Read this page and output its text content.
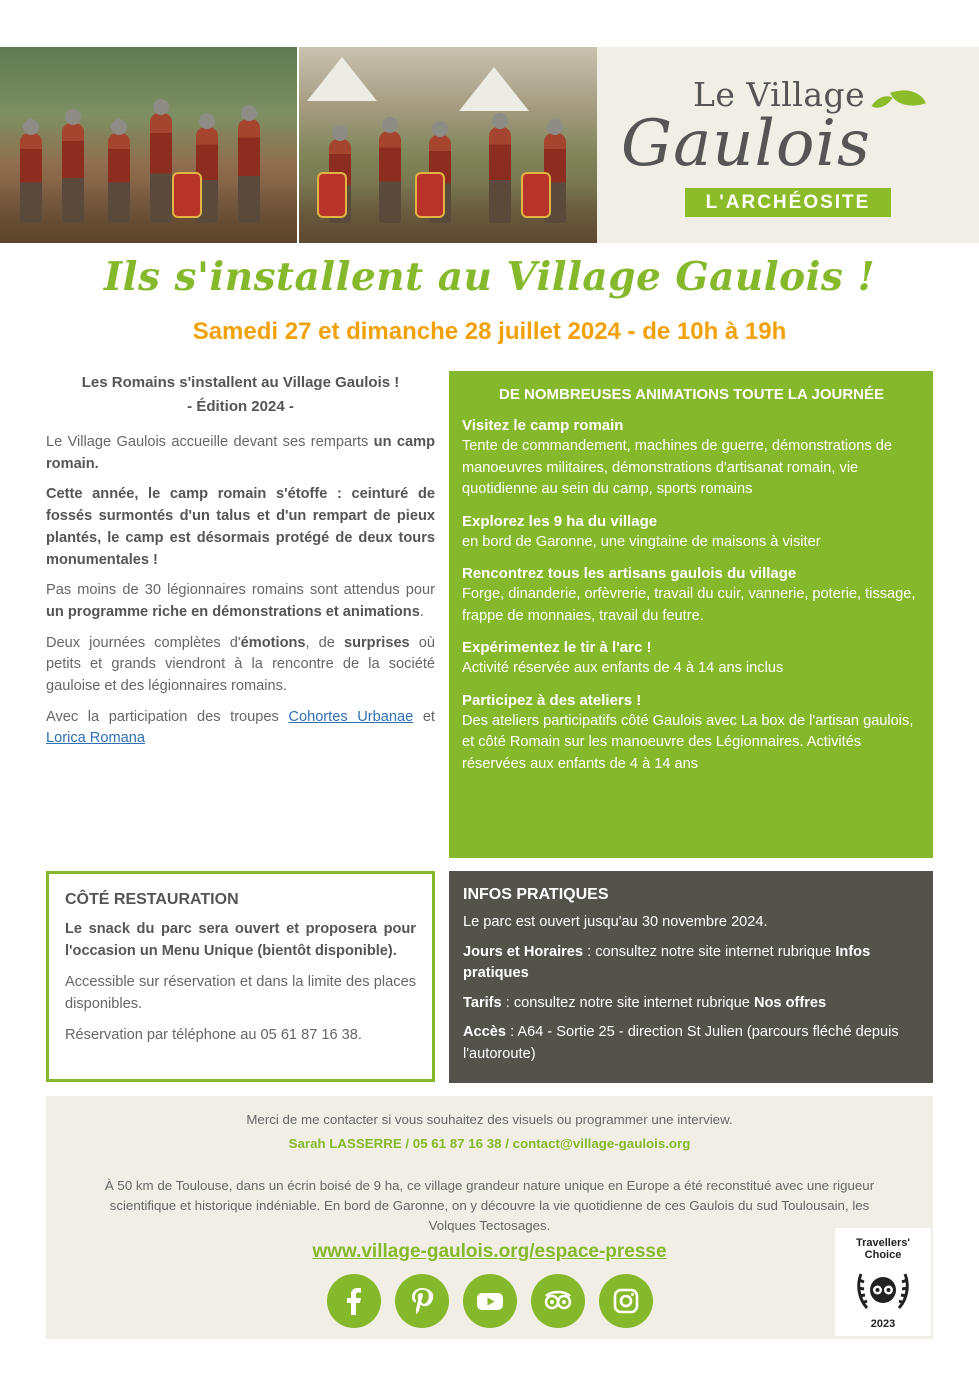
Le Village
Gaulois
L'ARCHÉOSITE
Ils s'installent au Village Gaulois !
Samedi 27 et dimanche 28 juillet 2024 - de 10h à 19h
Les Romains s'installent au Village Gaulois !
- Édition 2024 -

Le Village Gaulois accueille devant ses remparts un camp romain.

Cette année, le camp romain s'étoffe : ceinturé de fossés surmontés d'un talus et d'un rempart de pieux plantés, le camp est désormais protégé de deux tours monumentales !

Pas moins de 30 légionnaires romains sont attendus pour un programme riche en démonstrations et animations.

Deux journées complètes d'émotions, de surprises où petits et grands viendront à la rencontre de la société gauloise et des légionnaires romains.

Avec la participation des troupes Cohortes Urbanae et Lorica Romana

DE NOMBREUSES ANIMATIONS TOUTE LA JOURNÉE
Visitez le camp romain
Tente de commandement, machines de guerre, démonstrations de manoeuvres militaires, démonstrations d'artisanat romain, vie quotidienne au sein du camp, sports romains
Explorez les 9 ha du village
en bord de Garonne, une vingtaine de maisons à visiter
Rencontrez tous les artisans gaulois du village
Forge, dinanderie, orfèvrerie, travail du cuir, vannerie, poterie, tissage, frappe de monnaies, travail du feutre.
Expérimentez le tir à l'arc !
Activité réservée aux enfants de 4 à 14 ans inclus
Participez à des ateliers !
Des ateliers participatifs côté Gaulois avec La box de l'artisan gaulois, et côté Romain sur les manoeuvre des Légionnaires. Activités réservées aux enfants de 4 à 14 ans
CÔTÉ RESTAURATION

Le snack du parc sera ouvert et proposera pour l'occasion un Menu Unique (bientôt disponible).

Accessible sur réservation et dans la limite des places disponibles.

Réservation par téléphone au 05 61 87 16 38.

INFOS PRATIQUES

Le parc est ouvert jusqu'au 30 novembre 2024.

Jours et Horaires : consultez notre site internet rubrique Infos pratiques

Tarifs : consultez notre site internet rubrique Nos offres

Accès : A64 - Sortie 25 - direction St Julien (parcours fléché depuis l'autoroute)

Merci de me contacter si vous souhaitez des visuels ou programmer une interview.
Sarah LASSERRE / 05 61 87 16 38 / contact@village-gaulois.org
À 50 km de Toulouse, dans un écrin boisé de 9 ha, ce village grandeur nature unique en Europe a été reconstitué avec une rigueur scientifique et historique indéniable. En bord de Garonne, on y découvre la vie quotidienne de ces Gaulois du sud Toulousain, les Volques Tectosages.
www.village-gaulois.org/espace-presse	Travellers'
Choice
2023
